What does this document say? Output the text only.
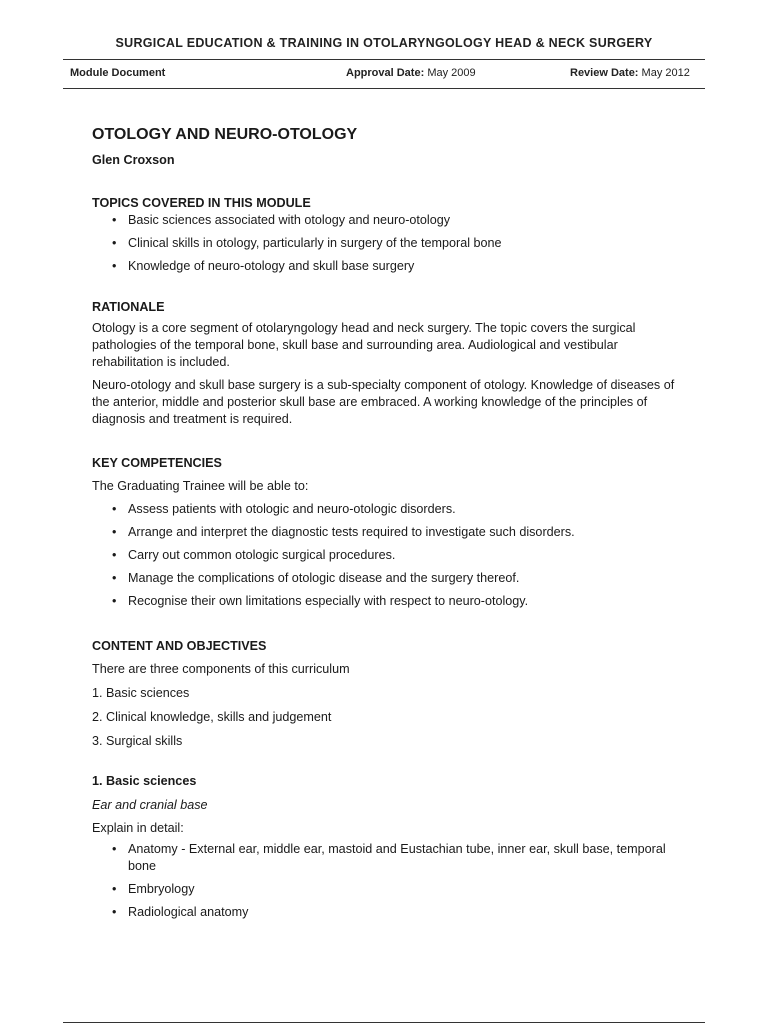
SURGICAL EDUCATION & TRAINING IN OTOLARYNGOLOGY HEAD & NECK SURGERY
Module Document	Approval Date: May 2009	Review Date: May 2012
OTOLOGY AND NEURO-OTOLOGY

Glen Croxson

TOPICS COVERED IN THIS MODULE
• Basic sciences associated with otology and neuro-otology
• Clinical skills in otology, particularly in surgery of the temporal bone
• Knowledge of neuro-otology and skull base surgery
RATIONALE

Otology is a core segment of otolaryngology head and neck surgery. The topic covers the surgical pathologies of the temporal bone, skull base and surrounding area. Audiological and vestibular rehabilitation is included.

Neuro-otology and skull base surgery is a sub-specialty component of otology. Knowledge of diseases of the anterior, middle and posterior skull base are embraced. A working knowledge of the principles of diagnosis and treatment is required.

KEY COMPETENCIES

The Graduating Trainee will be able to:

• Assess patients with otologic and neuro-otologic disorders.
• Arrange and interpret the diagnostic tests required to investigate such disorders.
• Carry out common otologic surgical procedures.
• Manage the complications of otologic disease and the surgery thereof.
• Recognise their own limitations especially with respect to neuro-otology.
CONTENT AND OBJECTIVES

There are three components of this curriculum

1. Basic sciences
2. Clinical knowledge, skills and judgement
3. Surgical skills
1. Basic sciences

Ear and cranial base

Explain in detail:

• Anatomy - External ear, middle ear, mastoid and Eustachian tube, inner ear, skull base, temporal bone
• Embryology
• Radiological anatomy
